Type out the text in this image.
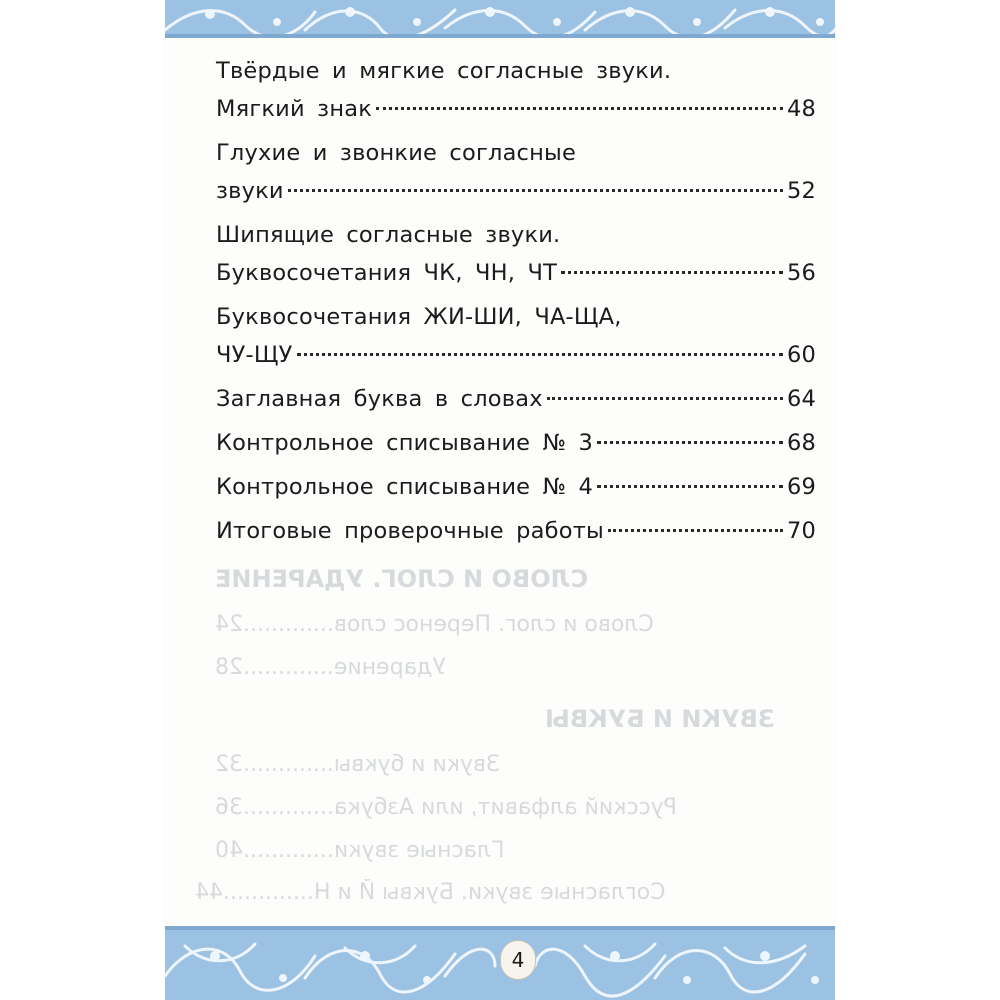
СЛОВО И СЛОГ. УДАРЕНИЕ
Слово и слог. Перенос слов.............24
Ударение.............28
ЗВУКИ И БУКВЫ
Звуки и буквы.............32
Русский алфавит, или Азбука.............36
Гласные звуки.............40
Согласные звуки. Буквы Й и Н.............44
Твёрдые и мягкие согласные звуки.
Мягкий знак	48
Глухие и звонкие согласные
звуки	52
Шипящие согласные звуки.
Буквосочетания ЧК, ЧН, ЧТ	56
Буквосочетания ЖИ-ШИ, ЧА-ЩА,
ЧУ-ЩУ	60
Заглавная буква в словах	64
Контрольное списывание № 3	68
Контрольное списывание № 4	69
Итоговые проверочные работы	70
4
